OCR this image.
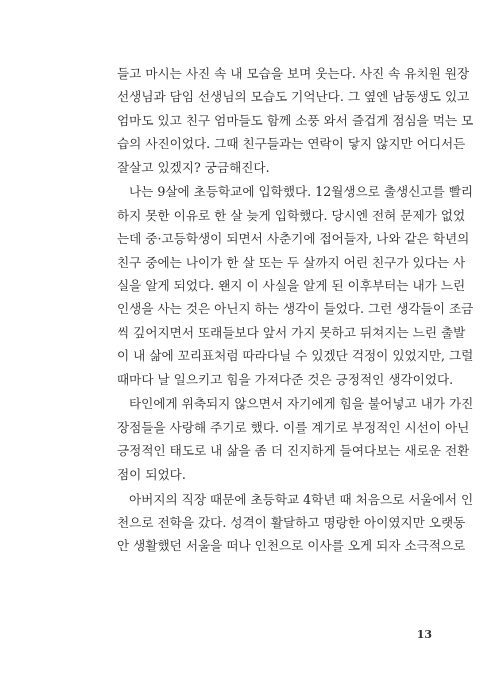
들고 마시는 사진 속 내 모습을 보며 웃는다. 사진 속 유치원 원장
선생님과 담임 선생님의 모습도 기억난다. 그 옆엔 남동생도 있고
엄마도 있고 친구 엄마들도 함께 소풍 와서 즐겁게 점심을 먹는 모
습의 사진이었다. 그때 친구들과는 연락이 닿지 않지만 어디서든
잘살고 있겠지? 궁금해진다.
나는 9살에 초등학교에 입학했다. 12월생으로 출생신고를 빨리
하지 못한 이유로 한 살 늦게 입학했다. 당시엔 전혀 문제가 없었
는데 중·고등학생이 되면서 사춘기에 접어들자, 나와 같은 학년의
친구 중에는 나이가 한 살 또는 두 살까지 어린 친구가 있다는 사
실을 알게 되었다. 왠지 이 사실을 알게 된 이후부터는 내가 느린
인생을 사는 것은 아닌지 하는 생각이 들었다. 그런 생각들이 조금
씩 깊어지면서 또래들보다 앞서 가지 못하고 뒤쳐지는 느린 출발
이 내 삶에 꼬리표처럼 따라다닐 수 있겠단 걱정이 있었지만, 그럴
때마다 날 일으키고 힘을 가져다준 것은 긍정적인 생각이었다.
타인에게 위축되지 않으면서 자기에게 힘을 불어넣고 내가 가진
장점들을 사랑해 주기로 했다. 이를 계기로 부정적인 시선이 아닌
긍정적인 태도로 내 삶을 좀 더 진지하게 들여다보는 새로운 전환
점이 되었다.
아버지의 직장 때문에 초등학교 4학년 때 처음으로 서울에서 인
천으로 전학을 갔다. 성격이 활달하고 명랑한 아이였지만 오랫동
안 생활했던 서울을 떠나 인천으로 이사를 오게 되자 소극적으로
13
